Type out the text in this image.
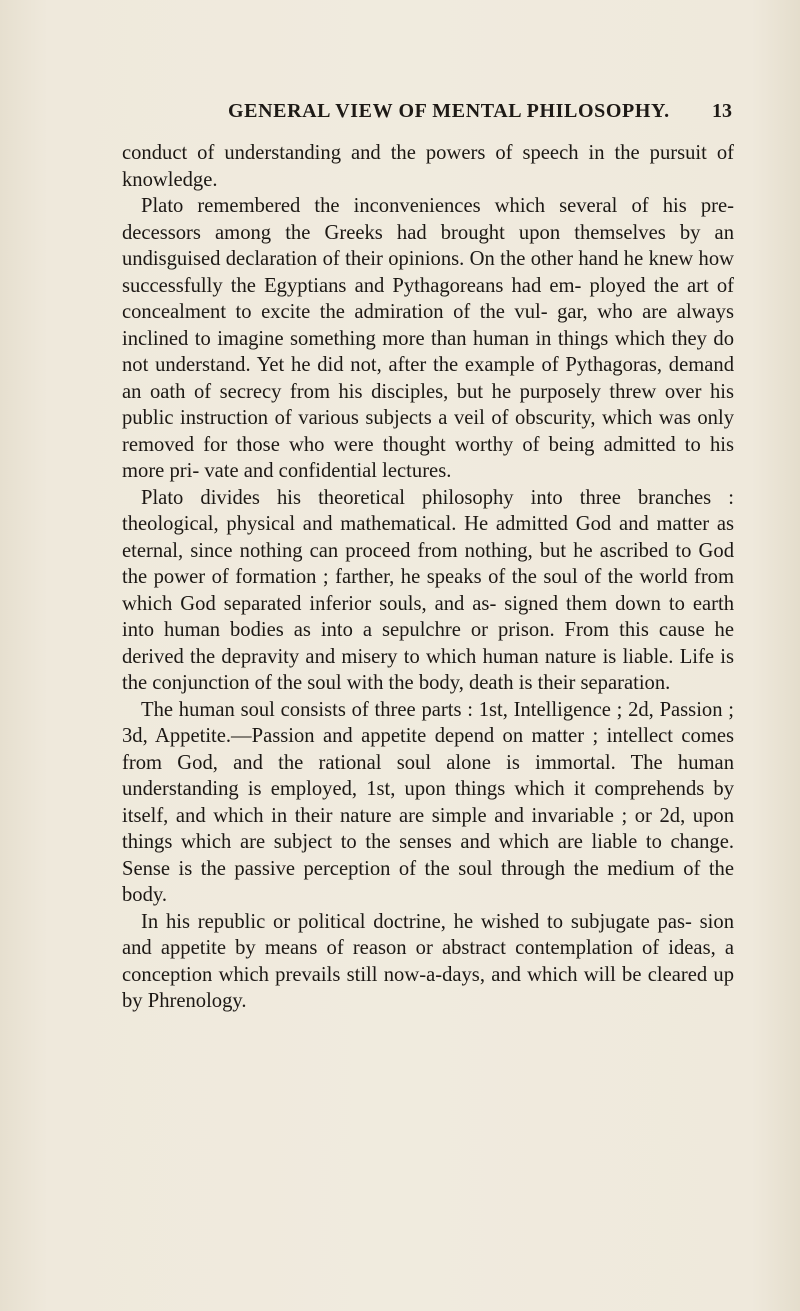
GENERAL VIEW OF MENTAL PHILOSOPHY. 13

conduct of understanding and the powers of speech in the pursuit of knowledge.

Plato remembered the inconveniences which several of his pre- decessors among the Greeks had brought upon themselves by an undisguised declaration of their opinions. On the other hand he knew how successfully the Egyptians and Pythagoreans had em- ployed the art of concealment to excite the admiration of the vul- gar, who are always inclined to imagine something more than human in things which they do not understand. Yet he did not, after the example of Pythagoras, demand an oath of secrecy from his disciples, but he purposely threw over his public instruction of various subjects a veil of obscurity, which was only removed for those who were thought worthy of being admitted to his more pri- vate and confidential lectures.

Plato divides his theoretical philosophy into three branches : theological, physical and mathematical. He admitted God and matter as eternal, since nothing can proceed from nothing, but he ascribed to God the power of formation ; farther, he speaks of the soul of the world from which God separated inferior souls, and as- signed them down to earth into human bodies as into a sepulchre or prison. From this cause he derived the depravity and misery to which human nature is liable. Life is the conjunction of the soul with the body, death is their separation.

The human soul consists of three parts : 1st, Intelligence ; 2d, Passion ; 3d, Appetite.—Passion and appetite depend on matter ; intellect comes from God, and the rational soul alone is immortal. The human understanding is employed, 1st, upon things which it comprehends by itself, and which in their nature are simple and invariable ; or 2d, upon things which are subject to the senses and which are liable to change. Sense is the passive perception of the soul through the medium of the body.

In his republic or political doctrine, he wished to subjugate pas- sion and appetite by means of reason or abstract contemplation of ideas, a conception which prevails still now-a-days, and which will be cleared up by Phrenology.
